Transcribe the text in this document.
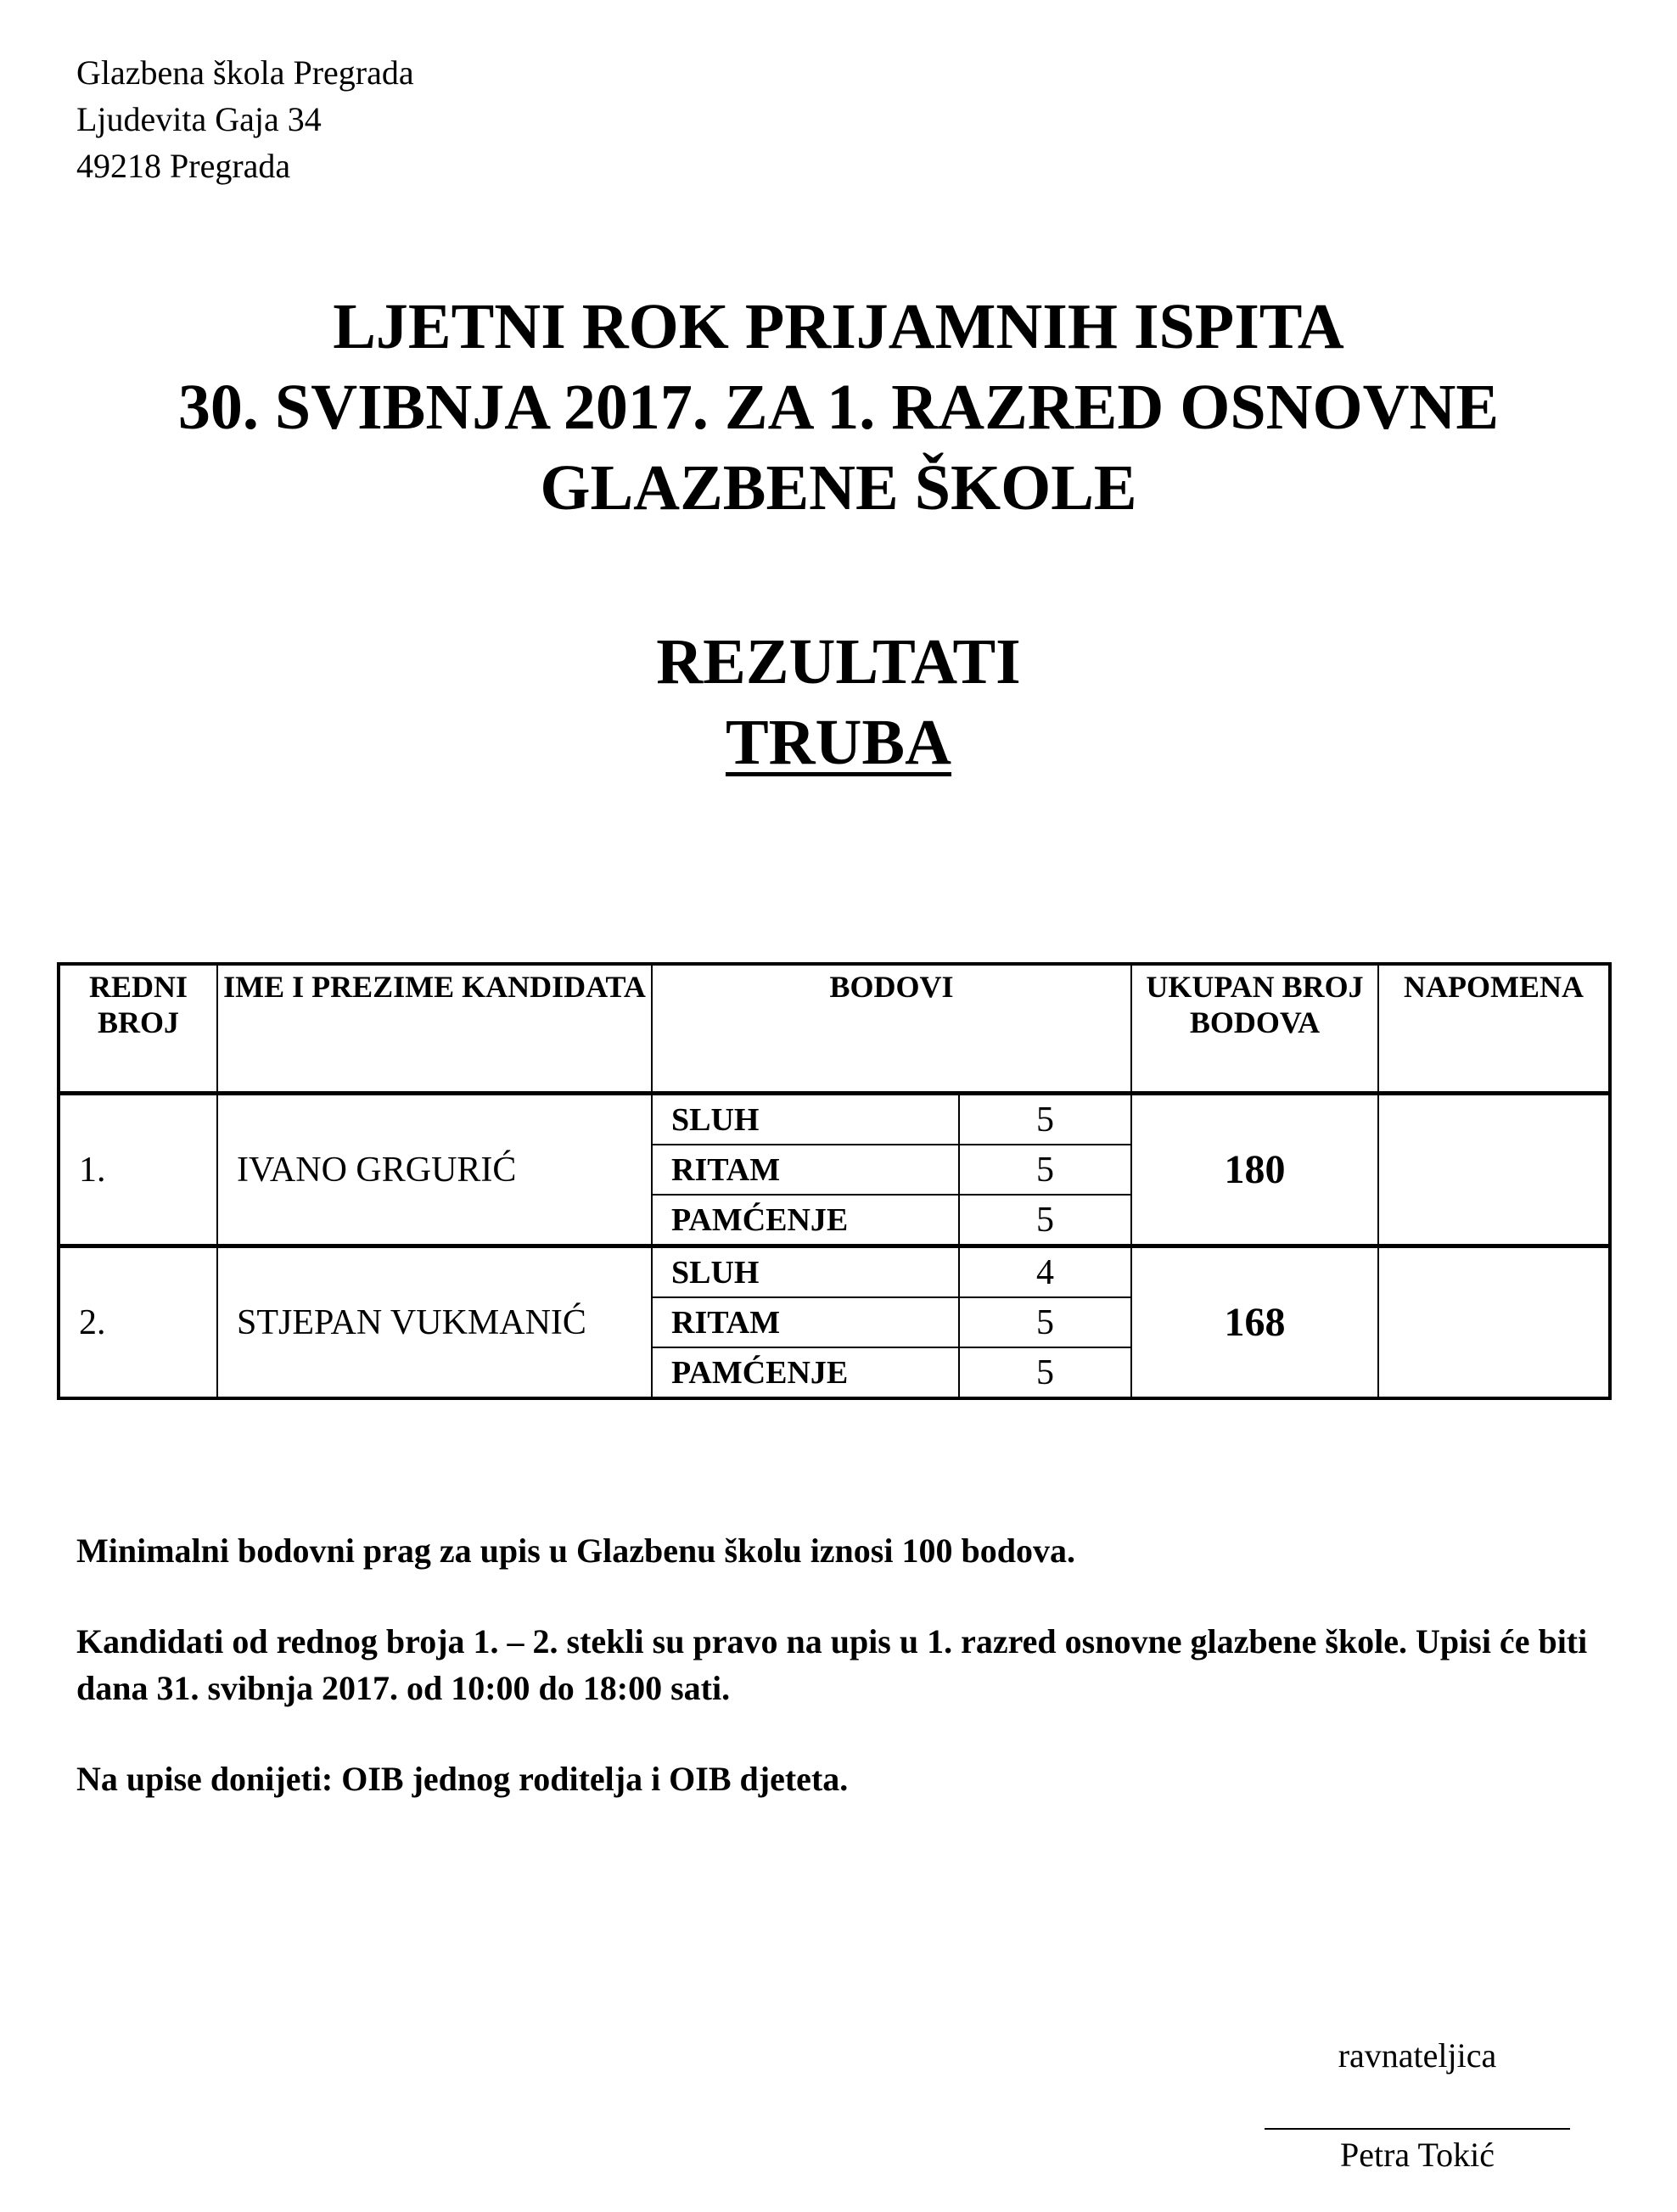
Glazbena škola Pregrada
Ljudevita Gaja 34
49218 Pregrada
LJETNI ROK PRIJAMNIH ISPITA
30. SVIBNJA 2017. ZA 1. RAZRED OSNOVNE
GLAZBENE ŠKOLE
REZULTATI
TRUBA
REDNI BROJ	IME I PREZIME KANDIDATA	BODOVI		UKUPAN BROJ BODOVA	NAPOMENA
1.	IVANO GRGURIĆ	SLUH	5	180	
		RITAM	5		
		PAMĆENJE	5		
2.	STJEPAN VUKMANIĆ	SLUH	4	168	
		RITAM	5		
		PAMĆENJE	5		

Minimalni bodovni prag za upis u Glazbenu školu iznosi 100 bodova.

Kandidati od rednog broja 1. – 2. stekli su pravo na upis u 1. razred osnovne glazbene škole. Upisi će biti dana 31. svibnja 2017. od 10:00 do 18:00 sati.

Na upise donijeti: OIB jednog roditelja i OIB djeteta.

ravnateljica
Petra Tokić
